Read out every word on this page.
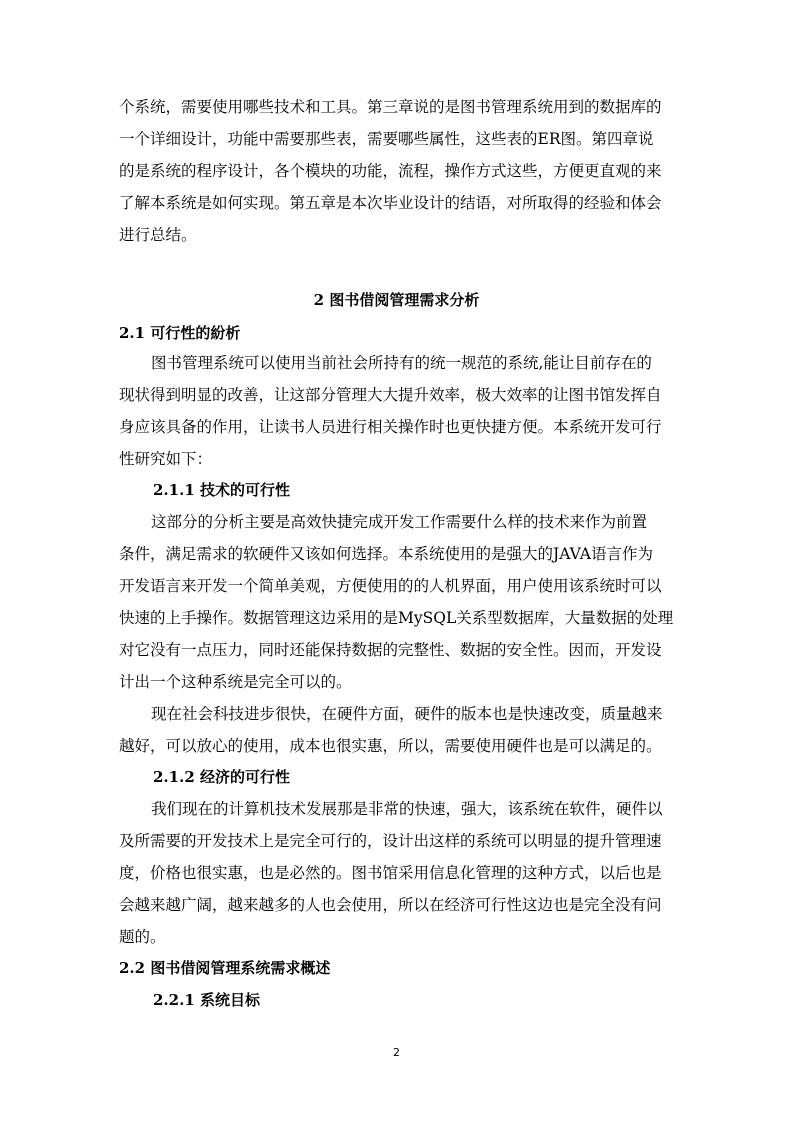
个系统，需要使用哪些技术和工具。第三章说的是图书管理系统用到的数据库的
一个详细设计，功能中需要那些表，需要哪些属性，这些表的ER图。第四章说
的是系统的程序设计，各个模块的功能，流程，操作方式这些，方便更直观的来
了解本系统是如何实现。第五章是本次毕业设计的结语，对所取得的经验和体会
进行总结。
2 图书借阅管理需求分析
2.1 可行性的紛析
图书管理系统可以使用当前社会所持有的统一规范的系统,能让目前存在的
现状得到明显的改善，让这部分管理大大提升效率，极大效率的让图书馆发挥自
身应该具备的作用，让读书人员进行相关操作时也更快捷方便。本系统开发可行
性研究如下：
2.1.1 技术的可行性
这部分的分析主要是高效快捷完成开发工作需要什么样的技术来作为前置
条件，满足需求的软硬件又该如何选择。本系统使用的是强大的JAVA语言作为
开发语言来开发一个简单美观，方便使用的的人机界面，用户使用该系统时可以
快速的上手操作。数据管理这边采用的是MySQL关系型数据库，大量数据的处理
对它没有一点压力，同时还能保持数据的完整性、数据的安全性。因而，开发设
计出一个这种系统是完全可以的。
现在社会科技进步很快，在硬件方面，硬件的版本也是快速改变，质量越来
越好，可以放心的使用，成本也很实惠，所以，需要使用硬件也是可以满足的。
2.1.2 经济的可行性
我们现在的计算机技术发展那是非常的快速，强大，该系统在软件，硬件以
及所需要的开发技术上是完全可行的，设计出这样的系统可以明显的提升管理速
度，价格也很实惠，也是必然的。图书馆采用信息化管理的这种方式，以后也是
会越来越广阔，越来越多的人也会使用，所以在经济可行性这边也是完全没有问
题的。
2.2 图书借阅管理系统需求概述
2.2.1 系统目标
2
